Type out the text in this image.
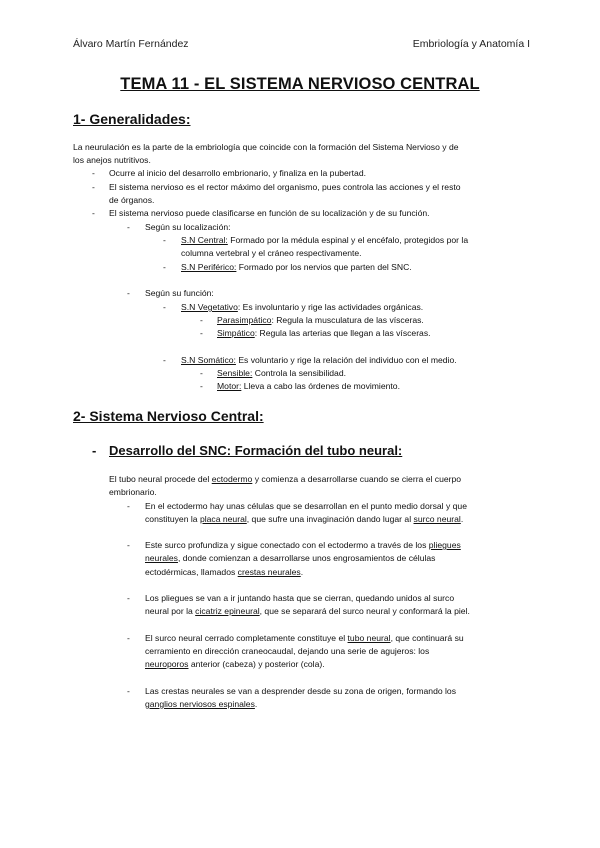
Álvaro Martín Fernández	Embriología y Anatomía I
TEMA 11 - EL SISTEMA NERVIOSO CENTRAL
1- Generalidades:
La neurulación es la parte de la embriología que coincide con la formación del Sistema Nervioso y de
los anejos nutritivos.
- Ocurre al inicio del desarrollo embrionario, y finaliza en la pubertad.
- El sistema nervioso es el rector máximo del organismo, pues controla las acciones y el resto
de órganos.
- El sistema nervioso puede clasificarse en función de su localización y de su función.
- Según su localización:
- S.N Central: Formado por la médula espinal y el encéfalo, protegidos por la
columna vertebral y el cráneo respectivamente.
- S.N Periférico: Formado por los nervios que parten del SNC.
- Según su función:
- S.N Vegetativo: Es involuntario y rige las actividades orgánicas.
- Parasimpático: Regula la musculatura de las vísceras.
- Simpático: Regula las arterias que llegan a las vísceras.
- S.N Somático: Es voluntario y rige la relación del individuo con el medio.
- Sensible: Controla la sensibilidad.
- Motor: Lleva a cabo las órdenes de movimiento.
2- Sistema Nervioso Central:
- Desarrollo del SNC: Formación del tubo neural:
El tubo neural procede del ectodermo y comienza a desarrollarse cuando se cierra el cuerpo
embrionario.
- En el ectodermo hay unas células que se desarrollan en el punto medio dorsal y que
constituyen la placa neural, que sufre una invaginación dando lugar al surco neural.
- Este surco profundiza y sigue conectado con el ectodermo a través de los pliegues
neurales, donde comienzan a desarrollarse unos engrosamientos de células
ectodérmicas, llamados crestas neurales.
- Los pliegues se van a ir juntando hasta que se cierran, quedando unidos al surco
neural por la cicatriz epineural, que se separará del surco neural y conformará la piel.
- El surco neural cerrado completamente constituye el tubo neural, que continuará su
cerramiento en dirección craneocaudal, dejando una serie de agujeros: los
neuroporos anterior (cabeza) y posterior (cola).
- Las crestas neurales se van a desprender desde su zona de origen, formando los
ganglios nerviosos espinales.
